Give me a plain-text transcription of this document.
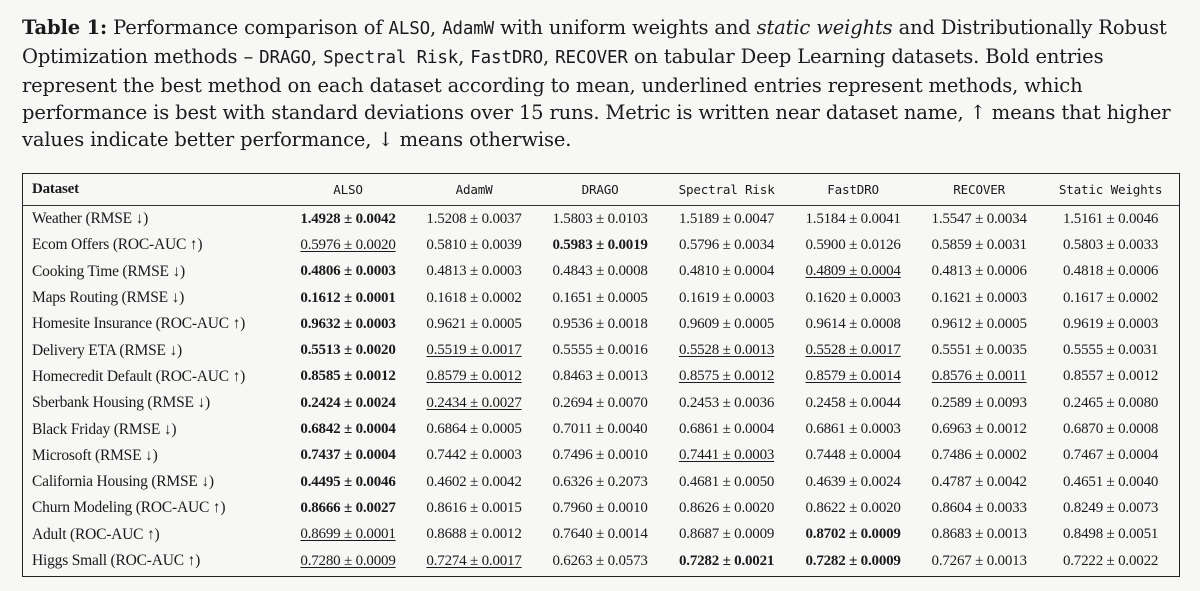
Table 1: Performance comparison of ALSO, AdamW with uniform weights and static weights and Distributionally Robust Optimization methods – DRAGO, Spectral Risk, FastDRO, RECOVER on tabular Deep Learning datasets. Bold entries represent the best method on each dataset according to mean, underlined entries represent methods, which performance is best with standard deviations over 15 runs. Metric is written near dataset name, ↑ means that higher values indicate better performance, ↓ means otherwise.
Dataset	ALSO	AdamW	DRAGO	Spectral Risk	FastDRO	RECOVER	Static Weights
Weather (RMSE ↓)	1.4928 ± 0.0042	1.5208 ± 0.0037	1.5803 ± 0.0103	1.5189 ± 0.0047	1.5184 ± 0.0041	1.5547 ± 0.0034	1.5161 ± 0.0046
Ecom Offers (ROC-AUC ↑)	0.5976 ± 0.0020	0.5810 ± 0.0039	0.5983 ± 0.0019	0.5796 ± 0.0034	0.5900 ± 0.0126	0.5859 ± 0.0031	0.5803 ± 0.0033
Cooking Time (RMSE ↓)	0.4806 ± 0.0003	0.4813 ± 0.0003	0.4843 ± 0.0008	0.4810 ± 0.0004	0.4809 ± 0.0004	0.4813 ± 0.0006	0.4818 ± 0.0006
Maps Routing (RMSE ↓)	0.1612 ± 0.0001	0.1618 ± 0.0002	0.1651 ± 0.0005	0.1619 ± 0.0003	0.1620 ± 0.0003	0.1621 ± 0.0003	0.1617 ± 0.0002
Homesite Insurance (ROC-AUC ↑)	0.9632 ± 0.0003	0.9621 ± 0.0005	0.9536 ± 0.0018	0.9609 ± 0.0005	0.9614 ± 0.0008	0.9612 ± 0.0005	0.9619 ± 0.0003
Delivery ETA (RMSE ↓)	0.5513 ± 0.0020	0.5519 ± 0.0017	0.5555 ± 0.0016	0.5528 ± 0.0013	0.5528 ± 0.0017	0.5551 ± 0.0035	0.5555 ± 0.0031
Homecredit Default (ROC-AUC ↑)	0.8585 ± 0.0012	0.8579 ± 0.0012	0.8463 ± 0.0013	0.8575 ± 0.0012	0.8579 ± 0.0014	0.8576 ± 0.0011	0.8557 ± 0.0012
Sberbank Housing (RMSE ↓)	0.2424 ± 0.0024	0.2434 ± 0.0027	0.2694 ± 0.0070	0.2453 ± 0.0036	0.2458 ± 0.0044	0.2589 ± 0.0093	0.2465 ± 0.0080
Black Friday (RMSE ↓)	0.6842 ± 0.0004	0.6864 ± 0.0005	0.7011 ± 0.0040	0.6861 ± 0.0004	0.6861 ± 0.0003	0.6963 ± 0.0012	0.6870 ± 0.0008
Microsoft (RMSE ↓)	0.7437 ± 0.0004	0.7442 ± 0.0003	0.7496 ± 0.0010	0.7441 ± 0.0003	0.7448 ± 0.0004	0.7486 ± 0.0002	0.7467 ± 0.0004
California Housing (RMSE ↓)	0.4495 ± 0.0046	0.4602 ± 0.0042	0.6326 ± 0.2073	0.4681 ± 0.0050	0.4639 ± 0.0024	0.4787 ± 0.0042	0.4651 ± 0.0040
Churn Modeling (ROC-AUC ↑)	0.8666 ± 0.0027	0.8616 ± 0.0015	0.7960 ± 0.0010	0.8626 ± 0.0020	0.8622 ± 0.0020	0.8604 ± 0.0033	0.8249 ± 0.0073
Adult (ROC-AUC ↑)	0.8699 ± 0.0001	0.8688 ± 0.0012	0.7640 ± 0.0014	0.8687 ± 0.0009	0.8702 ± 0.0009	0.8683 ± 0.0013	0.8498 ± 0.0051
Higgs Small (ROC-AUC ↑)	0.7280 ± 0.0009	0.7274 ± 0.0017	0.6263 ± 0.0573	0.7282 ± 0.0021	0.7282 ± 0.0009	0.7267 ± 0.0013	0.7222 ± 0.0022
